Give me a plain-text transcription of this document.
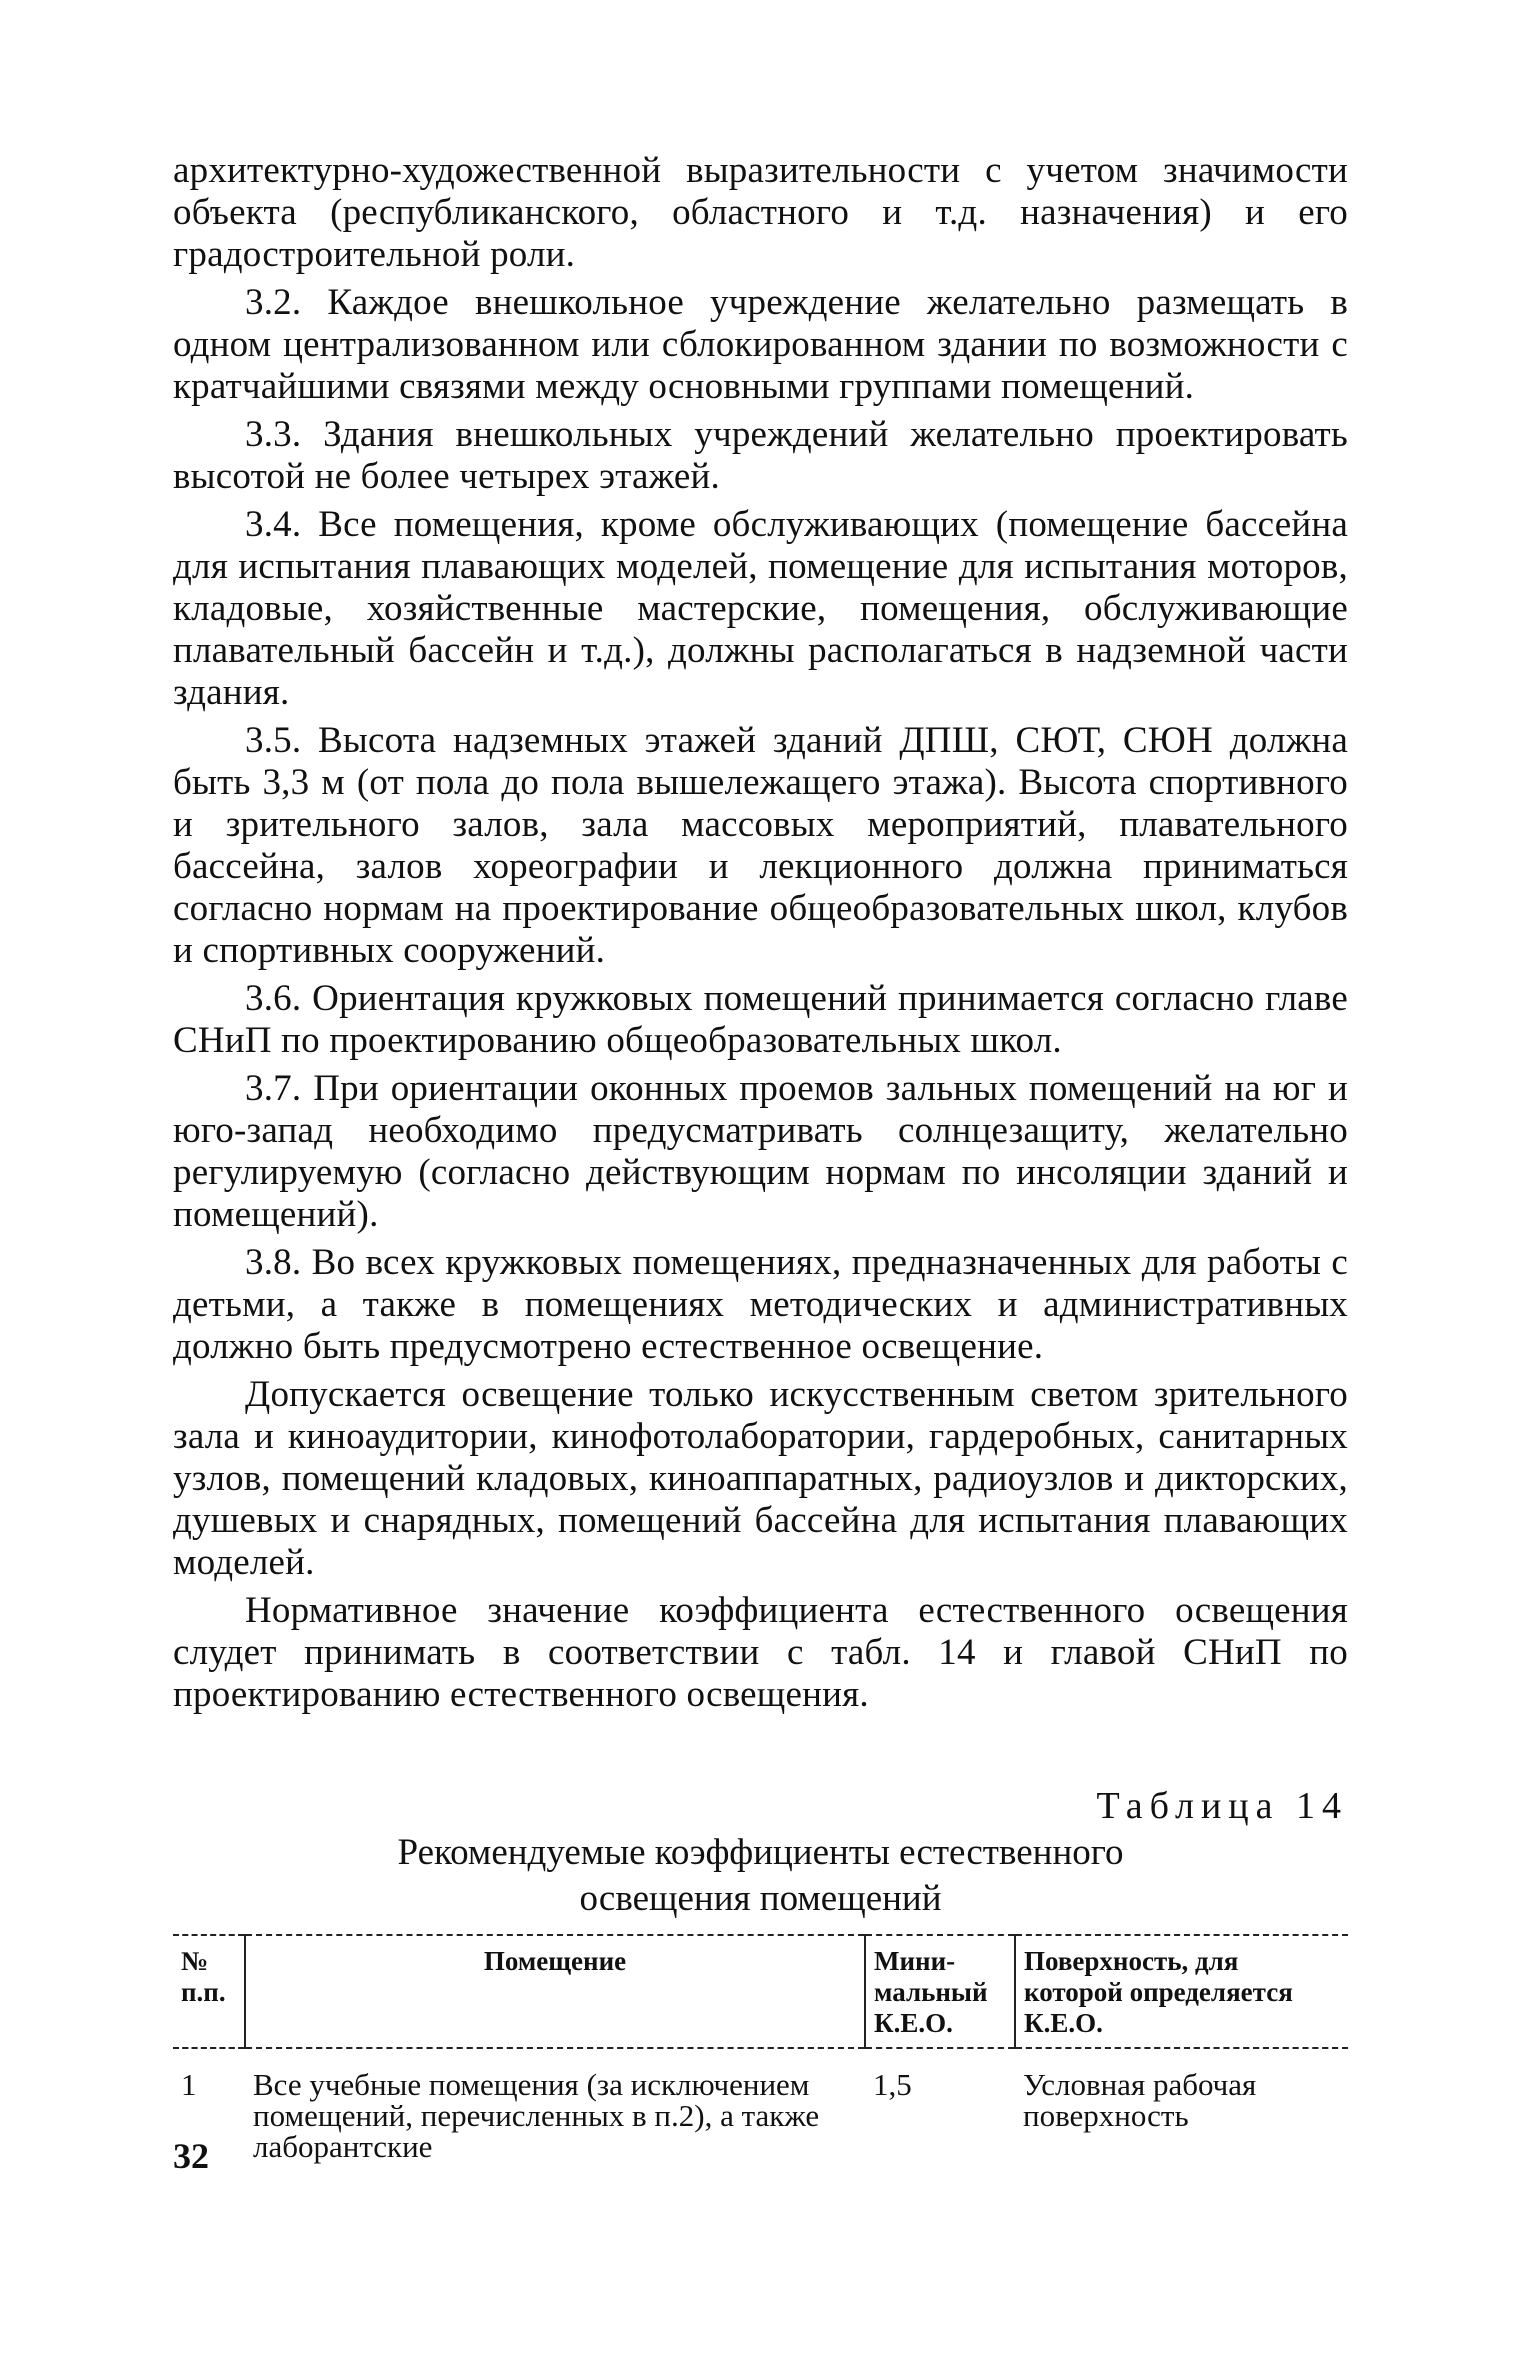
архитектурно-художественной выразительности с учетом значимости объекта (республиканского, областного и т.д. назначения) и его градостроительной роли.

3.2. Каждое внешкольное учреждение желательно размещать в одном централизованном или сблокированном здании по возможности с кратчайшими связями между основными группами помещений.

3.3. Здания внешкольных учреждений желательно проектировать высотой не более четырех этажей.

3.4. Все помещения, кроме обслуживающих (помещение бассейна для испытания плавающих моделей, помещение для испытания моторов, кладовые, хозяйственные мастерские, помещения, обслуживающие плавательный бассейн и т.д.), должны располагаться в надземной части здания.

3.5. Высота надземных этажей зданий ДПШ, СЮТ, СЮН должна быть 3,3 м (от пола до пола вышележащего этажа). Высота спортивного и зрительного залов, зала массовых мероприятий, плавательного бассейна, залов хореографии и лекционного должна приниматься согласно нормам на проектирование общеобразовательных школ, клубов и спортивных сооружений.

3.6. Ориентация кружковых помещений принимается согласно главе СНиП по проектированию общеобразовательных школ.

3.7. При ориентации оконных проемов зальных помещений на юг и юго-запад необходимо предусматривать солнцезащиту, желательно регулируемую (согласно действующим нормам по инсоляции зданий и помещений).

3.8. Во всех кружковых помещениях, предназначенных для работы с детьми, а также в помещениях методических и административных должно быть предусмотрено естественное освещение.

Допускается освещение только искусственным светом зрительного зала и киноаудитории, кинофотолаборатории, гардеробных, санитарных узлов, помещений кладовых, киноаппаратных, радиоузлов и дикторских, душевых и снарядных, помещений бассейна для испытания плавающих моделей.

Нормативное значение коэффициента естественного освещения слудет принимать в соответствии с табл. 14 и главой СНиП по проектированию естественного освещения.

Таблица 14
Рекомендуемые коэффициенты естественного
освещения помещений
№ п.п.	Помещение	Мини-мальный К.Е.О.	Поверхность, для которой определяется К.Е.О.
1	Все учебные помещения (за исключением помещений, перечисленных в п.2), а также лаборантские	1,5	Условная рабочая поверхность
32
